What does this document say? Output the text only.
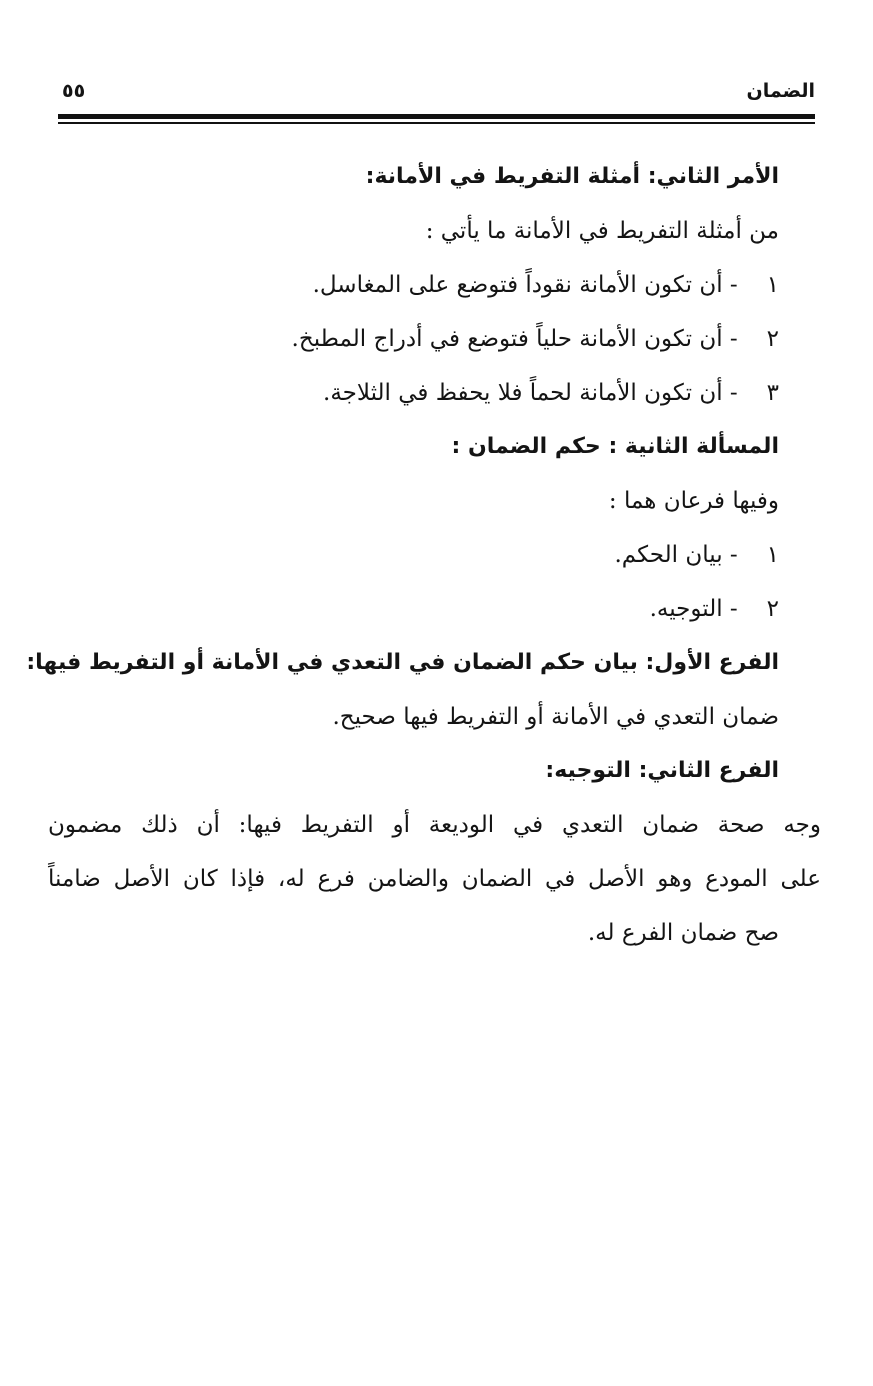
الضمان
٥٥
الأمر الثاني: أمثلة التفريط في الأمانة:
من أمثلة التفريط في الأمانة ما يأتي :
١ - أن تكون الأمانة نقوداً فتوضع على المغاسل.
٢ - أن تكون الأمانة حلياً فتوضع في أدراج المطبخ.
٣ - أن تكون الأمانة لحماً فلا يحفظ في الثلاجة.
المسألة الثانية : حكم الضمان :
وفيها فرعان هما :
١ - بيان الحكم.
٢ - التوجيه.
الفرع الأول: بيان حكم الضمان في التعدي في الأمانة أو التفريط فيها:
ضمان التعدي في الأمانة أو التفريط فيها صحيح.
الفرع الثاني: التوجيه:
وجه صحة ضمان التعدي في الوديعة أو التفريط فيها: أن ذلك مضمون
على المودع وهو الأصل في الضمان والضامن فرع له، فإذا كان الأصل ضامناً
صح ضمان الفرع له.
